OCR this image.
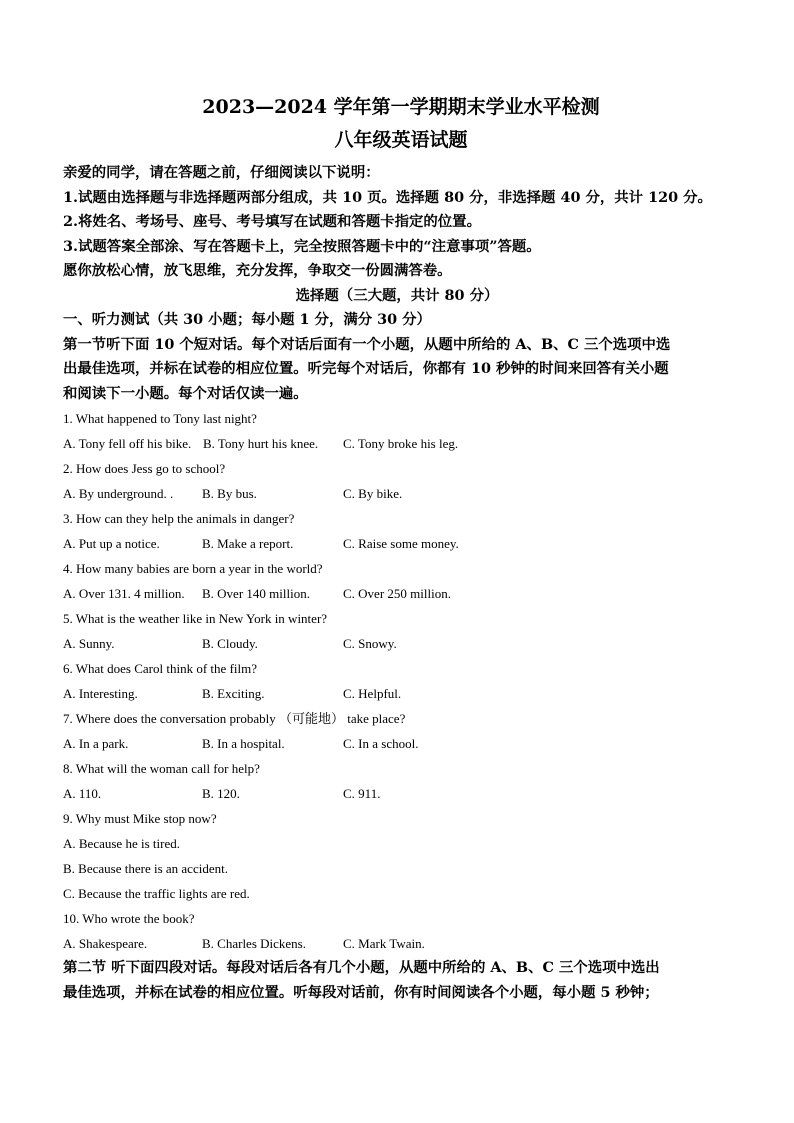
2023—2024 学年第一学期期末学业水平检测
八年级英语试题
亲爱的同学，请在答题之前，仔细阅读以下说明：
1.试题由选择题与非选择题两部分组成，共 10 页。选择题 80 分，非选择题 40 分，共计 120 分。
2.将姓名、考场号、座号、考号填写在试题和答题卡指定的位置。
3.试题答案全部涂、写在答题卡上，完全按照答题卡中的“注意事项”答题。
愿你放松心情，放飞思维，充分发挥，争取交一份圆满答卷。
选择题（三大题，共计 80 分）
一、听力测试（共 30 小题；每小题 1 分，满分 30 分）
第一节听下面 10 个短对话。每个对话后面有一个小题，从题中所给的 A、B、C 三个选项中选
出最佳选项，并标在试卷的相应位置。听完每个对话后，你都有 10 秒钟的时间来回答有关小题
和阅读下一小题。每个对话仅读一遍。
1. What happened to Tony last night?
A. Tony fell off his bike. B. Tony hurt his knee. C. Tony broke his leg.
2. How does Jess go to school?
A. By underground. . B. By bus.	C. By bike.
3. How can they help the animals in danger?
A. Put up a notice.	B. Make a report.	C. Raise some money.
4. How many babies are born a year in the world?
A. Over 131. 4 million. B. Over 140 million.	C. Over 250 million.
5. What is the weather like in New York in winter?
A. Sunny.	B. Cloudy.	C. Snowy.
6. What does Carol think of the film?
A. Interesting.	B. Exciting.	C. Helpful.
7. Where does the conversation probably （可能地） take place?
A. In a park.	B. In a hospital.	C. In a school.
8. What will the woman call for help?
A. 110.	B. 120.	C. 911.
9. Why must Mike stop now?
A. Because he is tired.
B. Because there is an accident.
C. Because the traffic lights are red.
10. Who wrote the book?
A. Shakespeare.	B. Charles Dickens.	C. Mark Twain.
第二节 听下面四段对话。每段对话后各有几个小题，从题中所给的 A、B、C 三个选项中选出
最佳选项，并标在试卷的相应位置。听每段对话前，你有时间阅读各个小题，每小题 5 秒钟；
